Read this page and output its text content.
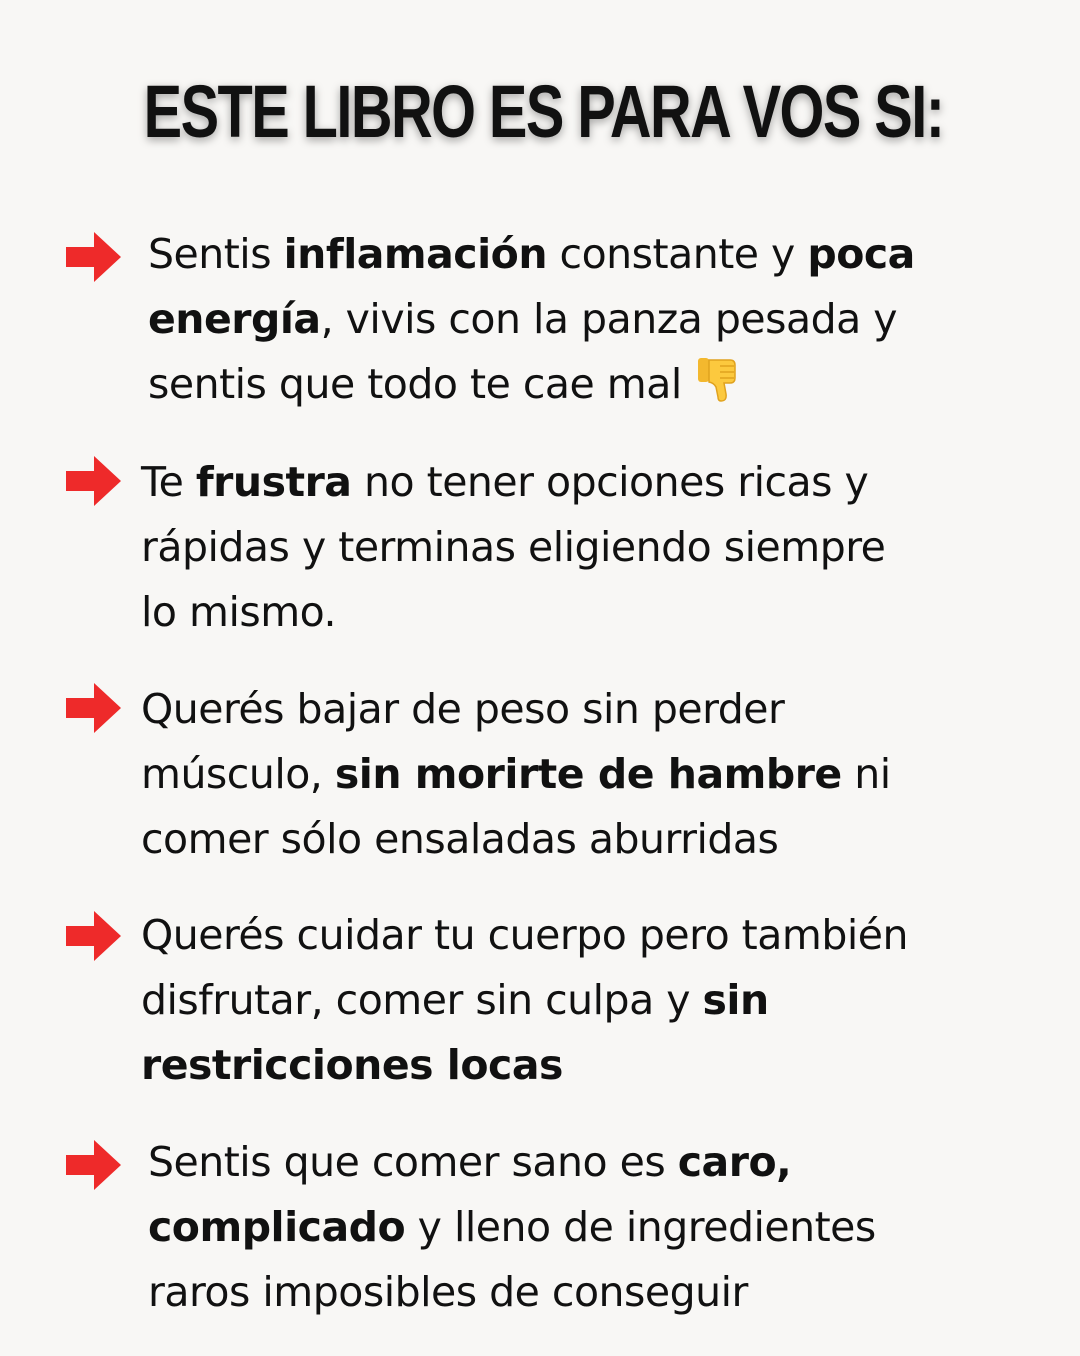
ESTE LIBRO ES PARA VOS SI:

Sentis inflamación constante y poca
energía, vivis con la panza pesada y
sentis que todo te cae mal

Te frustra no tener opciones ricas y
rápidas y terminas eligiendo siempre
lo mismo.

Querés bajar de peso sin perder
músculo, sin morirte de hambre ni
comer sólo ensaladas aburridas

Querés cuidar tu cuerpo pero también
disfrutar, comer sin culpa y sin
restricciones locas

Sentis que comer sano es caro,
complicado y lleno de ingredientes
raros imposibles de conseguir
